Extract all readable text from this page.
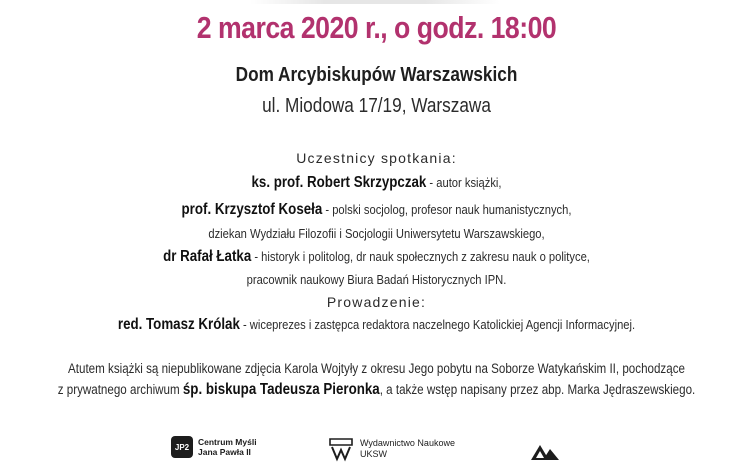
2 marca 2020 r., o godz. 18:00
Dom Arcybiskupów Warszawskich
ul. Miodowa 17/19, Warszawa
Uczestnicy spotkania:
ks. prof. Robert Skrzypczak - autor książki,
prof. Krzysztof Koseła - polski socjolog, profesor nauk humanistycznych,
dziekan Wydziału Filozofii i Socjologii Uniwersytetu Warszawskiego,
dr Rafał Łatka - historyk i politolog, dr nauk społecznych z zakresu nauk o polityce,
pracownik naukowy Biura Badań Historycznych IPN.
Prowadzenie:
red. Tomasz Królak - wiceprezes i zastępca redaktora naczelnego Katolickiej Agencji Informacyjnej.
Atutem książki są niepublikowane zdjęcia Karola Wojtyły z okresu Jego pobytu na Soborze Watykańskim II, pochodzące
z prywatnego archiwum śp. biskupa Tadeusza Pieronka, a także wstęp napisany przez abp. Marka Jędraszewskiego.
JP2	Centrum Myśli
Jana Pawła II
Wydawnictwo Naukowe
UKSW
